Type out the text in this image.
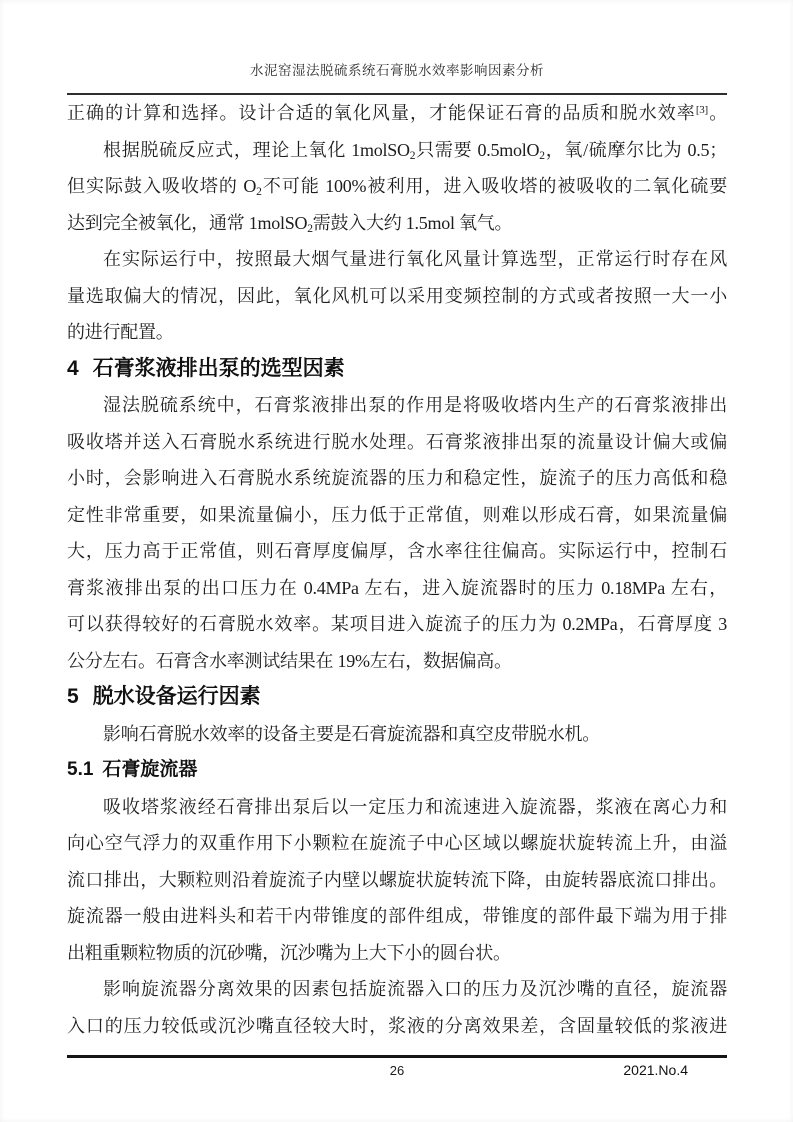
水泥窑湿法脱硫系统石膏脱水效率影响因素分析
正确的计算和选择。设计合适的氧化风量，才能保证石膏的品质和脱水效率[3]。
根据脱硫反应式，理论上氧化 1molSO$_2$只需要 0.5molO$_2$，氧/硫摩尔比为 0.5；
但实际鼓入吸收塔的 $O_2$不可能 100%被利用，进入吸收塔的被吸收的二氧化硫要
达到完全被氧化，通常 1molSO$_2$需鼓入大约 1.5mol 氧气。
在实际运行中，按照最大烟气量进行氧化风量计算选型，正常运行时存在风
量选取偏大的情况，因此，氧化风机可以采用变频控制的方式或者按照一大一小
的进行配置。
4 石膏浆液排出泵的选型因素
湿法脱硫系统中，石膏浆液排出泵的作用是将吸收塔内生产的石膏浆液排出
吸收塔并送入石膏脱水系统进行脱水处理。石膏浆液排出泵的流量设计偏大或偏
小时，会影响进入石膏脱水系统旋流器的压力和稳定性，旋流子的压力高低和稳
定性非常重要，如果流量偏小，压力低于正常值，则难以形成石膏，如果流量偏
大，压力高于正常值，则石膏厚度偏厚，含水率往往偏高。实际运行中，控制石
膏浆液排出泵的出口压力在 0.4MPa 左右，进入旋流器时的压力 0.18MPa 左右，
可以获得较好的石膏脱水效率。某项目进入旋流子的压力为 0.2MPa，石膏厚度 3
公分左右。石膏含水率测试结果在 19%左右，数据偏高。
5 脱水设备运行因素
影响石膏脱水效率的设备主要是石膏旋流器和真空皮带脱水机。
5.1 石膏旋流器
吸收塔浆液经石膏排出泵后以一定压力和流速进入旋流器，浆液在离心力和
向心空气浮力的双重作用下小颗粒在旋流子中心区域以螺旋状旋转流上升，由溢
流口排出，大颗粒则沿着旋流子内壁以螺旋状旋转流下降，由旋转器底流口排出。
旋流器一般由进料头和若干内带锥度的部件组成，带锥度的部件最下端为用于排
出粗重颗粒物质的沉砂嘴，沉沙嘴为上大下小的圆台状。
影响旋流器分离效果的因素包括旋流器入口的压力及沉沙嘴的直径，旋流器
入口的压力较低或沉沙嘴直径较大时，浆液的分离效果差，含固量较低的浆液进
26	2021.No.4
